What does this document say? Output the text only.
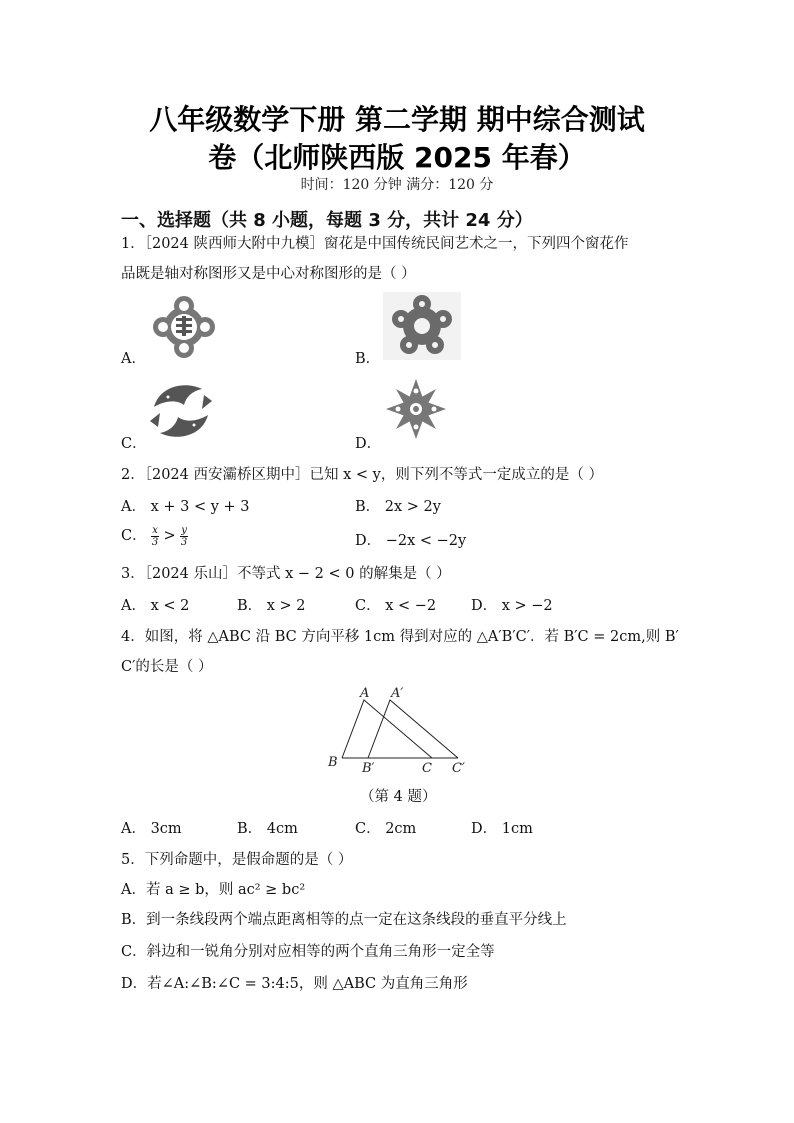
八年级数学下册 第二学期 期中综合测试
卷（北师陕西版 2025 年春）
时间：120 分钟 满分：120 分
一、选择题（共 8 小题，每题 3 分，共计 24 分）
1．［2024 陕西师大附中九模］窗花是中国传统民间艺术之一，下列四个窗花作
品既是轴对称图形又是中心对称图形的是（ ）
A．	B．
C．	D．
2．［2024 西安灞桥区期中］已知 x < y，则下列不等式一定成立的是（ ）
A． x + 3 < y + 3	B． 2x > 2y
C． $\frac{x}{3} > \frac{y}{3}$	D． −2x < −2y
3．［2024 乐山］不等式 x − 2 < 0 的解集是（ ）
A． x < 2	B． x > 2	C． x < −2 D． x > −2
4．如图，将 △ABC 沿 BC 方向平移 1cm 得到对应的 △A′B′C′．若 B′C = 2cm,则 B′
C′的长是（ ）
A A′
B B′	C C′
（第 4 题）
A． 3cm	B． 4cm	C． 2cm	D． 1cm
5．下列命题中，是假命题的是（ ）
A．若 a ≥ b，则 ac² ≥ bc²
B．到一条线段两个端点距离相等的点一定在这条线段的垂直平分线上
C．斜边和一锐角分别对应相等的两个直角三角形一定全等
D．若∠A:∠B:∠C = 3:4:5，则 △ABC 为直角三角形
